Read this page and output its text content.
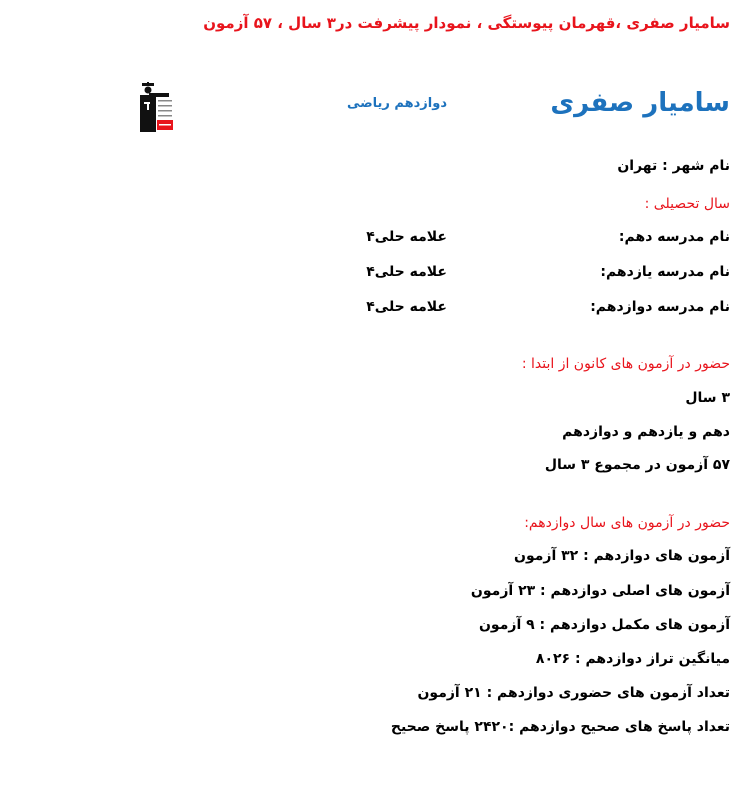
سامیار صفری ،قهرمان پیوستگی ، نمودار پیشرفت در۳ سال ، ۵۷ آزمون
سامیار صفری
دوازدهم ریاضی
نام شهر : تهران
سال تحصیلی :
نام مدرسه دهم:
علامه حلی۴
نام مدرسه یازدهم:
علامه حلی۴
نام مدرسه دوازدهم:
علامه حلی۴
حضور در آزمون های کانون از ابتدا :
۳ سال
دهم و یازدهم و دوازدهم
۵۷ آزمون در مجموع ۳ سال
حضور در آزمون های سال دوازدهم:
آزمون های دوازدهم : ۳۲ آزمون
آزمون های اصلی دوازدهم : ۲۳ آزمون
آزمون های مکمل دوازدهم : ۹ آزمون
میانگین تراز دوازدهم : ۸۰۲۶
تعداد آزمون های حضوری دوازدهم : ۲۱ آزمون
تعداد پاسخ های صحیح دوازدهم :۲۴۲۰ پاسخ صحیح
